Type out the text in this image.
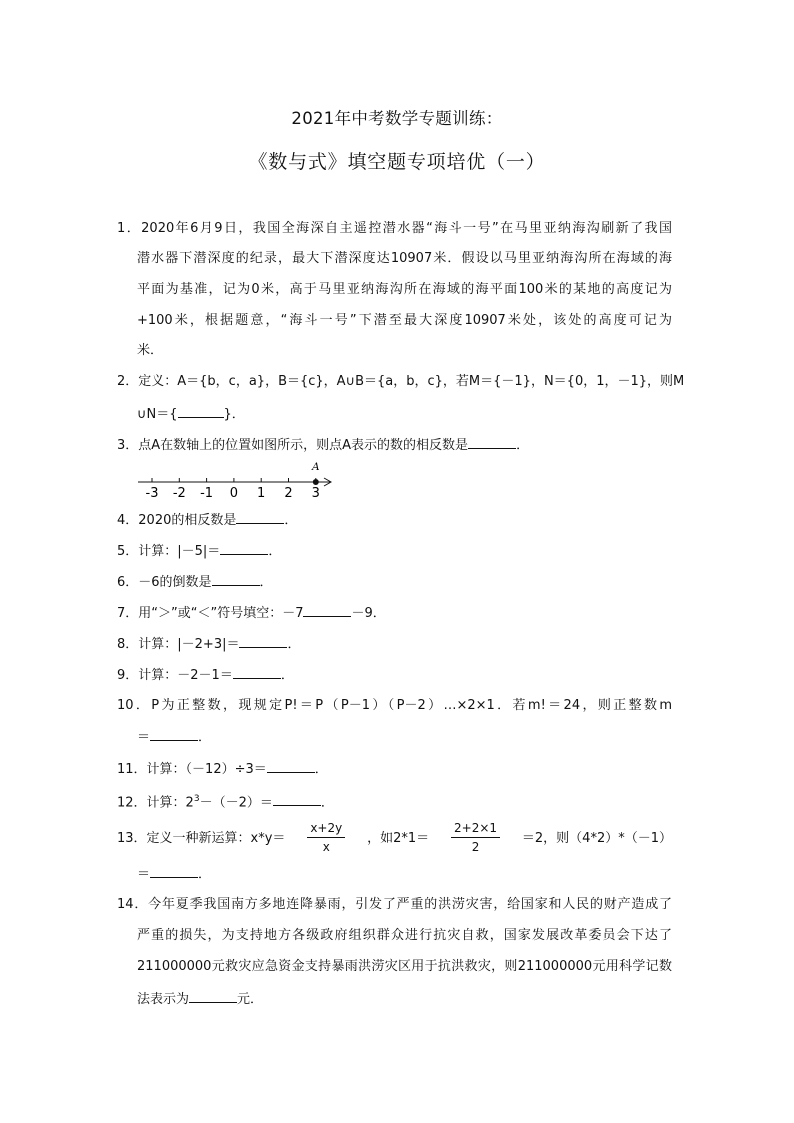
2021年中考数学专题训练：
《数与式》填空题专项培优（一）
1．2020年6月9日，我国全海深自主遥控潜水器“海斗一号”在马里亚纳海沟刷新了我国
潜水器下潜深度的纪录，最大下潜深度达10907米．假设以马里亚纳海沟所在海域的海
平面为基准，记为0米，高于马里亚纳海沟所在海域的海平面100米的某地的高度记为
+100米，根据题意，“海斗一号”下潜至最大深度10907米处，该处的高度可记为
米．
2．定义：A＝{b，c，a}，B＝{c}，A∪B＝{a，b，c}，若M＝{－1}，N＝{0，1，－1}，则M
∪N＝{	}．
3．点A在数轴上的位置如图所示，则点A表示的数的相反数是	．
-3 -2 -1 0 1 2 3
A
4．2020的相反数是	．
5．计算：|－5|＝	．
6．－6的倒数是	．
7．用“＞”或“＜”符号填空：－7	－9．
8．计算：|－2+3|＝	．
9．计算：－2－1＝	．
10．P为正整数，现规定P!＝P（P－1）（P－2）…×2×1．若m!＝24，则正整数m
＝	．
11．计算：（－12）÷3＝	．
12．计算：$2^3-(-2)=$	．
13．定义一种新运算：$x*y= \frac{x+2y}{x}$ ，如$2*1= \frac{2+2\times 1}{2} =2$，则（4*2）*（－1）
＝	．
14．今年夏季我国南方多地连降暴雨，引发了严重的洪涝灾害，给国家和人民的财产造成了
严重的损失，为支持地方各级政府组织群众进行抗灾自救，国家发展改革委员会下达了
211000000元救灾应急资金支持暴雨洪涝灾区用于抗洪救灾，则211000000元用科学记数
法表示为	元．
